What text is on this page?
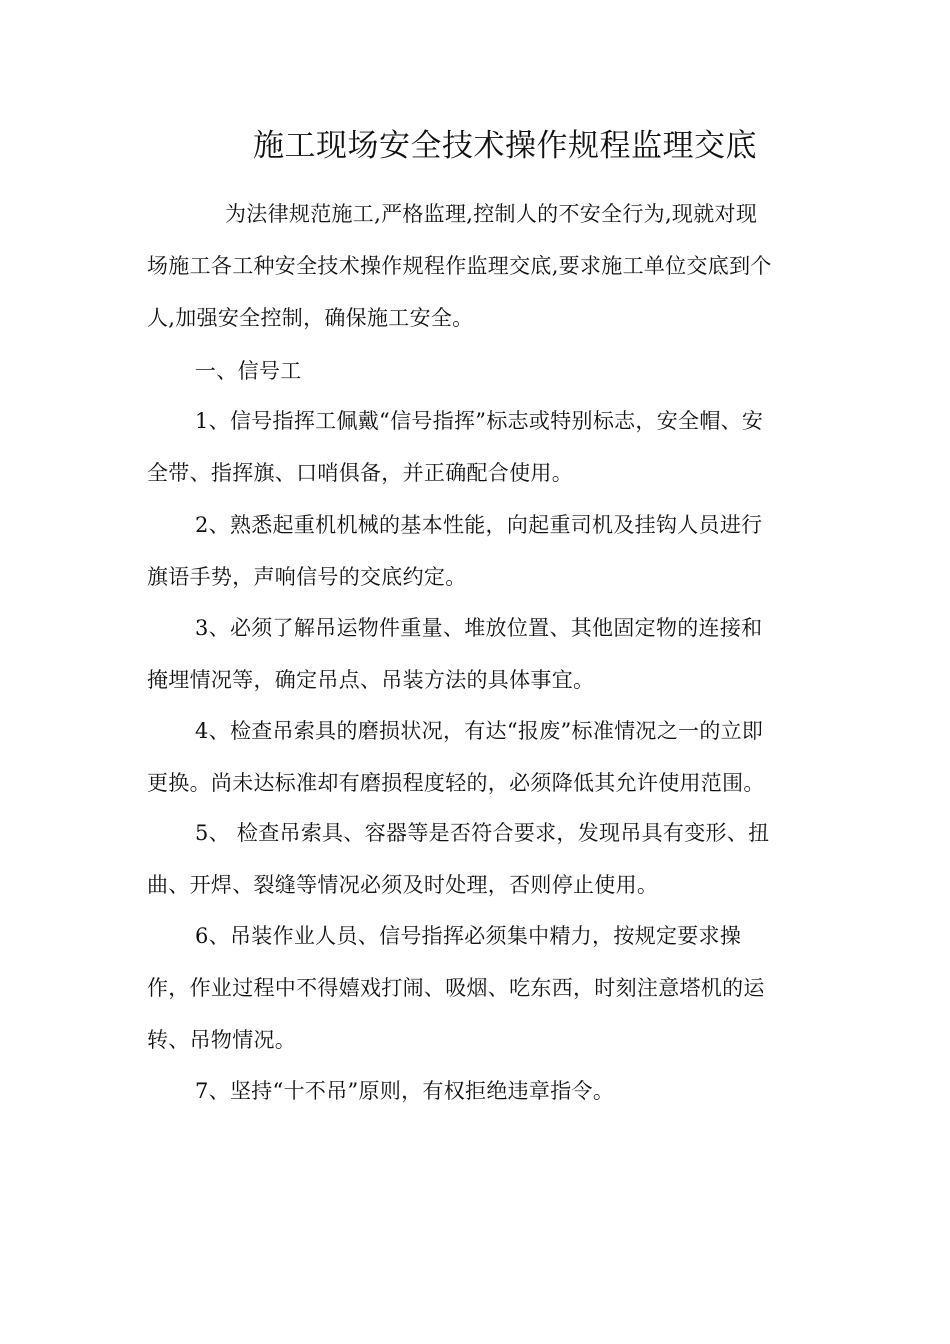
施工现场安全技术操作规程监理交底
为法律规范施工,严格监理,控制人的不安全行为,现就对现
场施工各工种安全技术操作规程作监理交底,要求施工单位交底到个
人,加强安全控制，确保施工安全。
一、信号工
1、信号指挥工佩戴“信号指挥”标志或特别标志，安全帽、安
全带、指挥旗、口哨俱备，并正确配合使用。
2、熟悉起重机机械的基本性能，向起重司机及挂钩人员进行
旗语手势，声响信号的交底约定。
3、必须了解吊运物件重量、堆放位置、其他固定物的连接和
掩埋情况等，确定吊点、吊装方法的具体事宜。
4、检查吊索具的磨损状况，有达“报废”标准情况之一的立即
更换。尚未达标准却有磨损程度轻的，必须降低其允许使用范围。
5、 检查吊索具、容器等是否符合要求，发现吊具有变形、扭
曲、开焊、裂缝等情况必须及时处理，否则停止使用。
6、吊装作业人员、信号指挥必须集中精力，按规定要求操
作，作业过程中不得嬉戏打闹、吸烟、吃东西，时刻注意塔机的运
转、吊物情况。
7、坚持“十不吊”原则，有权拒绝违章指令。
